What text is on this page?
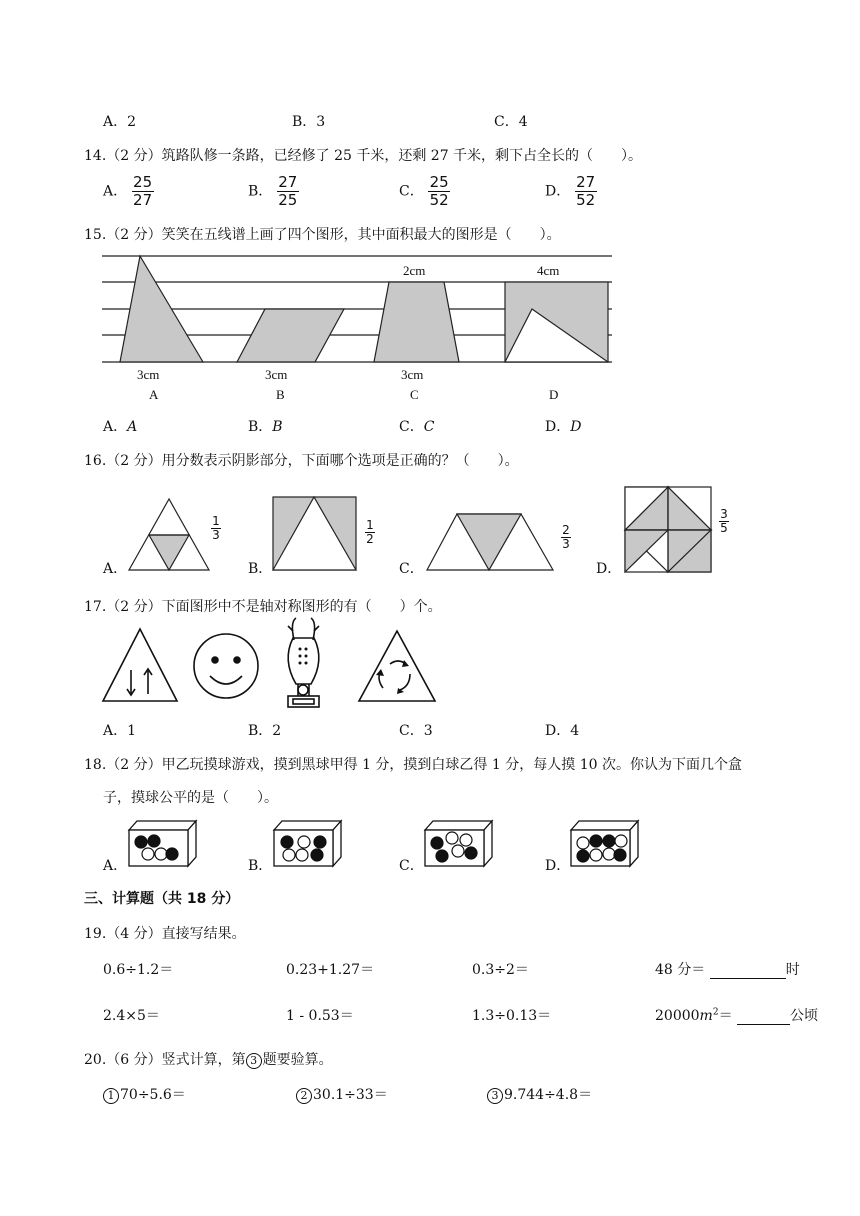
A．2	B．3	C．4
14.（2 分）筑路队修一条路，已经修了 25 千米，还剩 27 千米，剩下占全长的（　　）。
A． $\frac{25}{27}$	B． $\frac{27}{25}$	C． $\frac{25}{52}$	D． $\frac{27}{52}$
15.（2 分）笑笑在五线谱上画了四个图形，其中面积最大的图形是（　　）。
3cm	3cm
2cm
3cm
4cm
A	B	C	D
A．A	B．B	C．C	D．D
16.（2 分）用分数表示阴影部分，下面哪个选项是正确的？（　　）。
A．
$\frac{1}{3}$
B．
$\frac{1}{2}$
C．
$\frac{2}{3}$
D．
$\frac{3}{5}$
17.（2 分）下面图形中不是轴对称图形的有（　　）个。
A．1	B．2	C．3	D．4
18.（2 分）甲乙玩摸球游戏，摸到黑球甲得 1 分，摸到白球乙得 1 分，每人摸 10 次。你认为下面几个盒
子，摸球公平的是（　　）。
A．	B．	C．	D．
三、计算题（共 18 分）
19.（4 分）直接写结果。
0.6÷1.2＝	0.23+1.27＝	0.3÷2＝	48 分＝	时
2.4×5＝	1 - 0.53＝	1.3÷0.13＝	$20000m^2=$	公顷
20.（6 分）竖式计算，第 3 题要验算。
1 70÷5.6＝	2 30.1÷33＝	3 9.744÷4.8＝
